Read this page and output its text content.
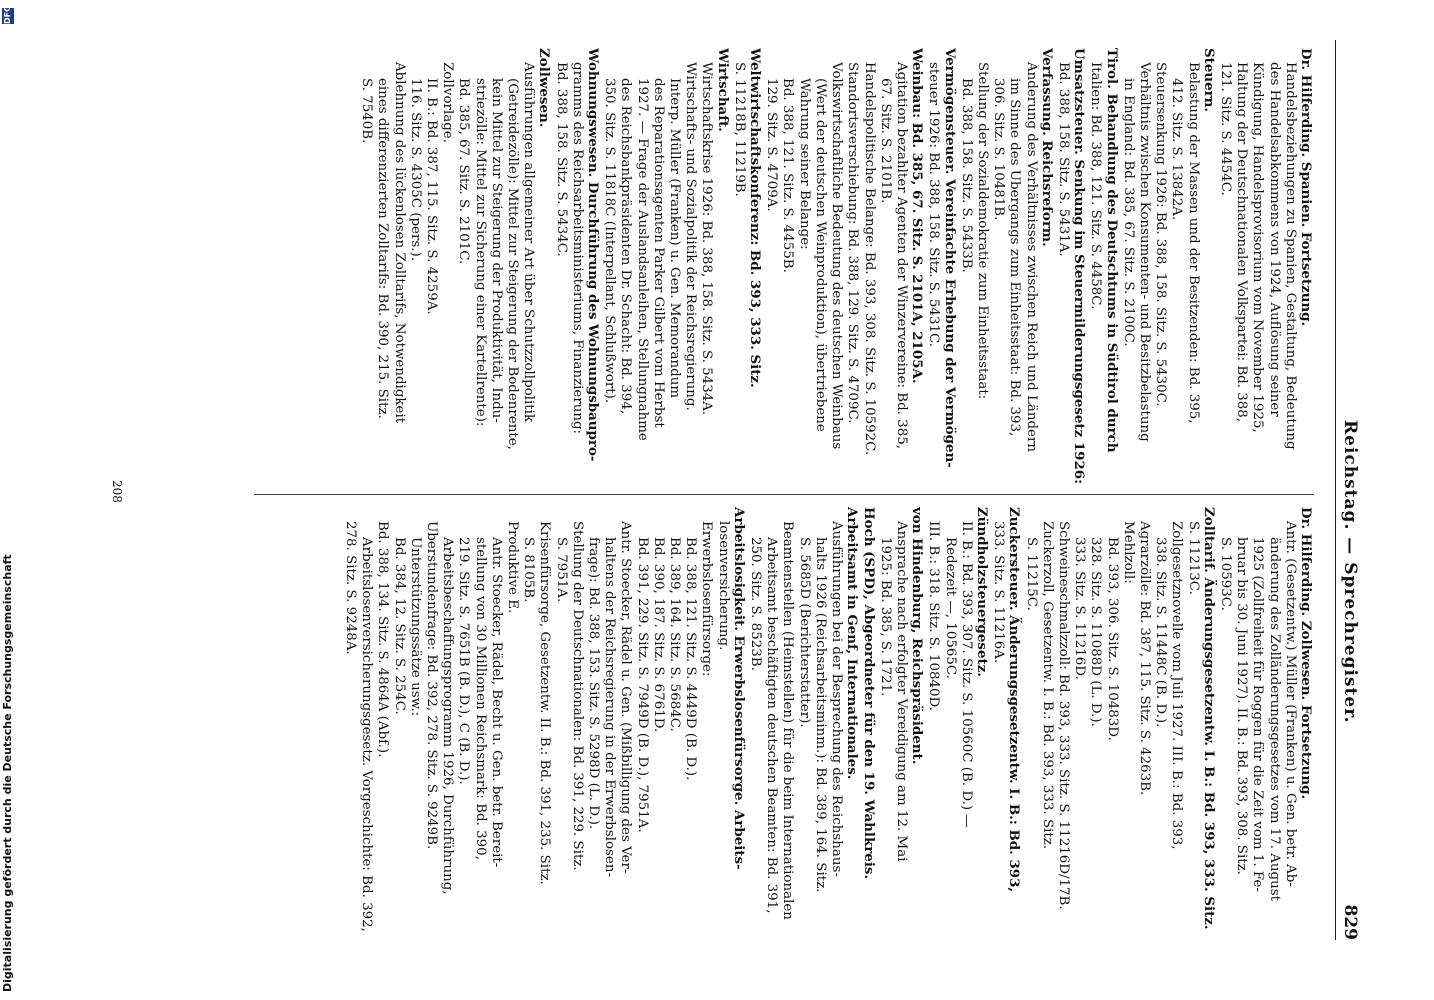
Reichstag. — Sprechregister.
829
Dr. Hilferding. Spanien. Fortsetzung.
Handelsbeziehungen zu Spanien, Gestaltung, Bedeutung
des Handelsabkommens von 1924, Auflösung seiner
Kündigung, Handelsprovisorium vom November 1925,
Haltung der Deutschnationalen Volkspartei: Bd. 388,
121. Sitz. S. 4454C.
Steuern.
Belastung der Massen und der Besitzenden: Bd. 395,
412. Sitz. S. 13842A.
Steuersenkung 1926: Bd. 388, 158. Sitz. S. 5430C.
Verhältnis zwischen Konsumenten- und Besitzbelastung
in England: Bd. 385, 67. Sitz. S. 2100C.
Tirol. Behandlung des Deutschtums in Südtirol durch
Italien: Bd. 388, 121. Sitz. S. 4458C.
Umsatzsteuer. Senkung im Steuermilderungsgesetz 1926:
Bd. 388, 158. Sitz. S. 5431A.
Verfassung. Reichsreform.
Änderung des Verhältnisses zwischen Reich und Ländern
im Sinne des Übergangs zum Einheitsstaat: Bd. 393,
306. Sitz. S. 10481B.
Stellung der Sozialdemokratie zum Einheitsstaat:
Bd. 388, 158. Sitz. S. 5433B.
Vermögensteuer. Vereinfachte Erhebung der Vermögen-
steuer 1926: Bd. 388, 158. Sitz. S. 5431C.
Weinbau: Bd. 385, 67. Sitz. S. 2101A, 2105A.
Agitation bezahlter Agenten der Winzervereine: Bd. 385,
67. Sitz. S. 2101B.
Handelspolitische Belange: Bd. 393, 308. Sitz. S. 10592C.
Standortsverschiebung: Bd. 388, 129. Sitz. S. 4709C.
Volkswirtschaftliche Bedeutung des deutschen Weinbaus
(Wert der deutschen Weinproduktion), übertriebene
Wahrung seiner Belange:
Bd. 388, 121. Sitz. S. 4455B.
129. Sitz. S. 4709A.
Weltwirtschaftskonferenz: Bd. 393, 333. Sitz.
S. 11218B, 11219B.
Wirtschaft.
Wirtschaftskrise 1926: Bd. 388, 158. Sitz. S. 5434A.
Wirtschafts- und Sozialpolitik der Reichsregierung.
Interp. Müller (Franken) u. Gen. Memorandum
des Reparationsagenten Parker Gilbert vom Herbst
1927. — Frage der Auslandsanleihen, Stellungnahme
des Reichsbankpräsidenten Dr. Schacht: Bd. 394,
350. Sitz. S. 11818C (Interpellant, Schlußwort).
Wohnungswesen. Durchführung des Wohnungsbaupro-
gramms des Reichsarbeitsministeriums, Finanzierung:
Bd. 388, 158. Sitz. S. 5434C.
Zollwesen.
Ausführungen allgemeiner Art über Schutzzollpolitik
(Getreidezölle): Mittel zur Steigerung der Bodenrente,
kein Mittel zur Steigerung der Produktivität, Indu-
striezölle: Mittel zur Sicherung einer Kartellrente):
Bd. 385, 67. Sitz. S. 2101C.
Zollvorlage.
II. B.: Bd. 387, 115. Sitz. S. 4259A.
116. Sitz. S. 4305C (pers.).
Ablehnung des lückenlosen Zolltarifs, Notwendigkeit
eines differenzierten Zolltarifs: Bd. 390, 215. Sitz.
S. 7540B.
Dr. Hilferding. Zollwesen. Fortsetzung.
Antr. (Gesetzentw.) Müller (Franken) u. Gen. betr. Ab-
änderung des Zolländerungsgesetzes vom 17. August
1925 (Zollfreiheit für Roggen für die Zeit vom 1. Fe-
bruar bis 30. Juni 1927). II. B.: Bd. 393, 308. Sitz.
S. 10593C.
Zolltarif. Änderungsgesetzentw. I. B.: Bd. 393, 333. Sitz.
S. 11213C.
Zollgesetznovelle vom Juli 1927. III. B.: Bd. 393,
338. Sitz. S. 11448C (B. D.).
Agrarzölle: Bd. 387, 115. Sitz. S. 4263B.
Mehlzoll:
Bd. 393, 306. Sitz. S. 10483D.
328. Sitz. S. 11088D (L. D.).
333. Sitz. S. 11216D.
Schweineschmalzzoll: Bd. 393, 333. Sitz. S. 11216D/17B.
Zuckerzoll, Gesetzentw. I. B.: Bd. 393, 333. Sitz.
S. 11215C.
Zuckersteuer. Änderungsgesetzentw. I. B.: Bd. 393,
333. Sitz. S. 11216A.
Zündholzsteuergesetz.
II. B.: Bd. 393, 307. Sitz. S. 10560C (B. D.) —
Redezeit —, 10565C.
III. B.: 318. Sitz. S. 10840D.
von Hindenburg, Reichspräsident.
Ansprache nach erfolgter Vereidigung am 12. Mai
1925: Bd. 385, S. 1721.
Hoch (SPD), Abgeordneter für den 19. Wahlkreis.
Arbeitsamt in Genf, Internationales.
Ausführungen bei der Besprechung des Reichshaus-
halts 1926 (Reichsarbeitsminm.): Bd. 389, 164. Sitz.
S. 5685D (Berichterstatter).
Beamtenstellen (Heimstellen) für die beim Internationalen
Arbeitsamt beschäftigten deutschen Beamten: Bd. 391,
250. Sitz. S. 8523B.
Arbeitslosigkeit. Erwerbslosenfürsorge. Arbeits-
losenversicherung.
Erwerbslosenfürsorge:
Bd. 388, 121. Sitz. S. 4449D (B. D.).
Bd. 389, 164. Sitz. S. 5684C.
Bd. 390, 187. Sitz. S. 6761D.
Bd. 391, 229. Sitz. S. 7949D (B. D.), 7951A.
Antr. Stoecker, Rädel u. Gen. (Mißbilligung des Ver-
haltens der Reichsregierung in der Erwerbslosen-
frage): Bd. 388, 153. Sitz. S. 5298D (L. D.).
Stellung der Deutschnationalen: Bd. 391, 229. Sitz.
S. 7951A.
Krisenfürsorge, Gesetzentw. II. B.: Bd. 391, 235. Sitz.
S. 8105B.
Produktive E.
Antr. Stoecker, Rädel, Becht u. Gen. betr. Bereit-
stellung von 30 Millionen Reichsmark: Bd. 390,
219. Sitz. S. 7651B (B. D.), C (B. D.).
Arbeitsbeschaffungsprogramm 1926, Durchführung,
Überstundenfrage: Bd. 392, 278. Sitz. S. 9249B.
Unterstützungssätze usw.:
Bd. 384, 12. Sitz. S. 254C.
Bd. 388, 134. Sitz. S. 4864A (Abf.).
Arbeitslosenversicherungsgesetz. Vorgeschichte: Bd. 392,
278. Sitz. S. 9248A.
208
Digitalisierung gefördert durch die Deutsche Forschungsgemeinschaft
DFG
